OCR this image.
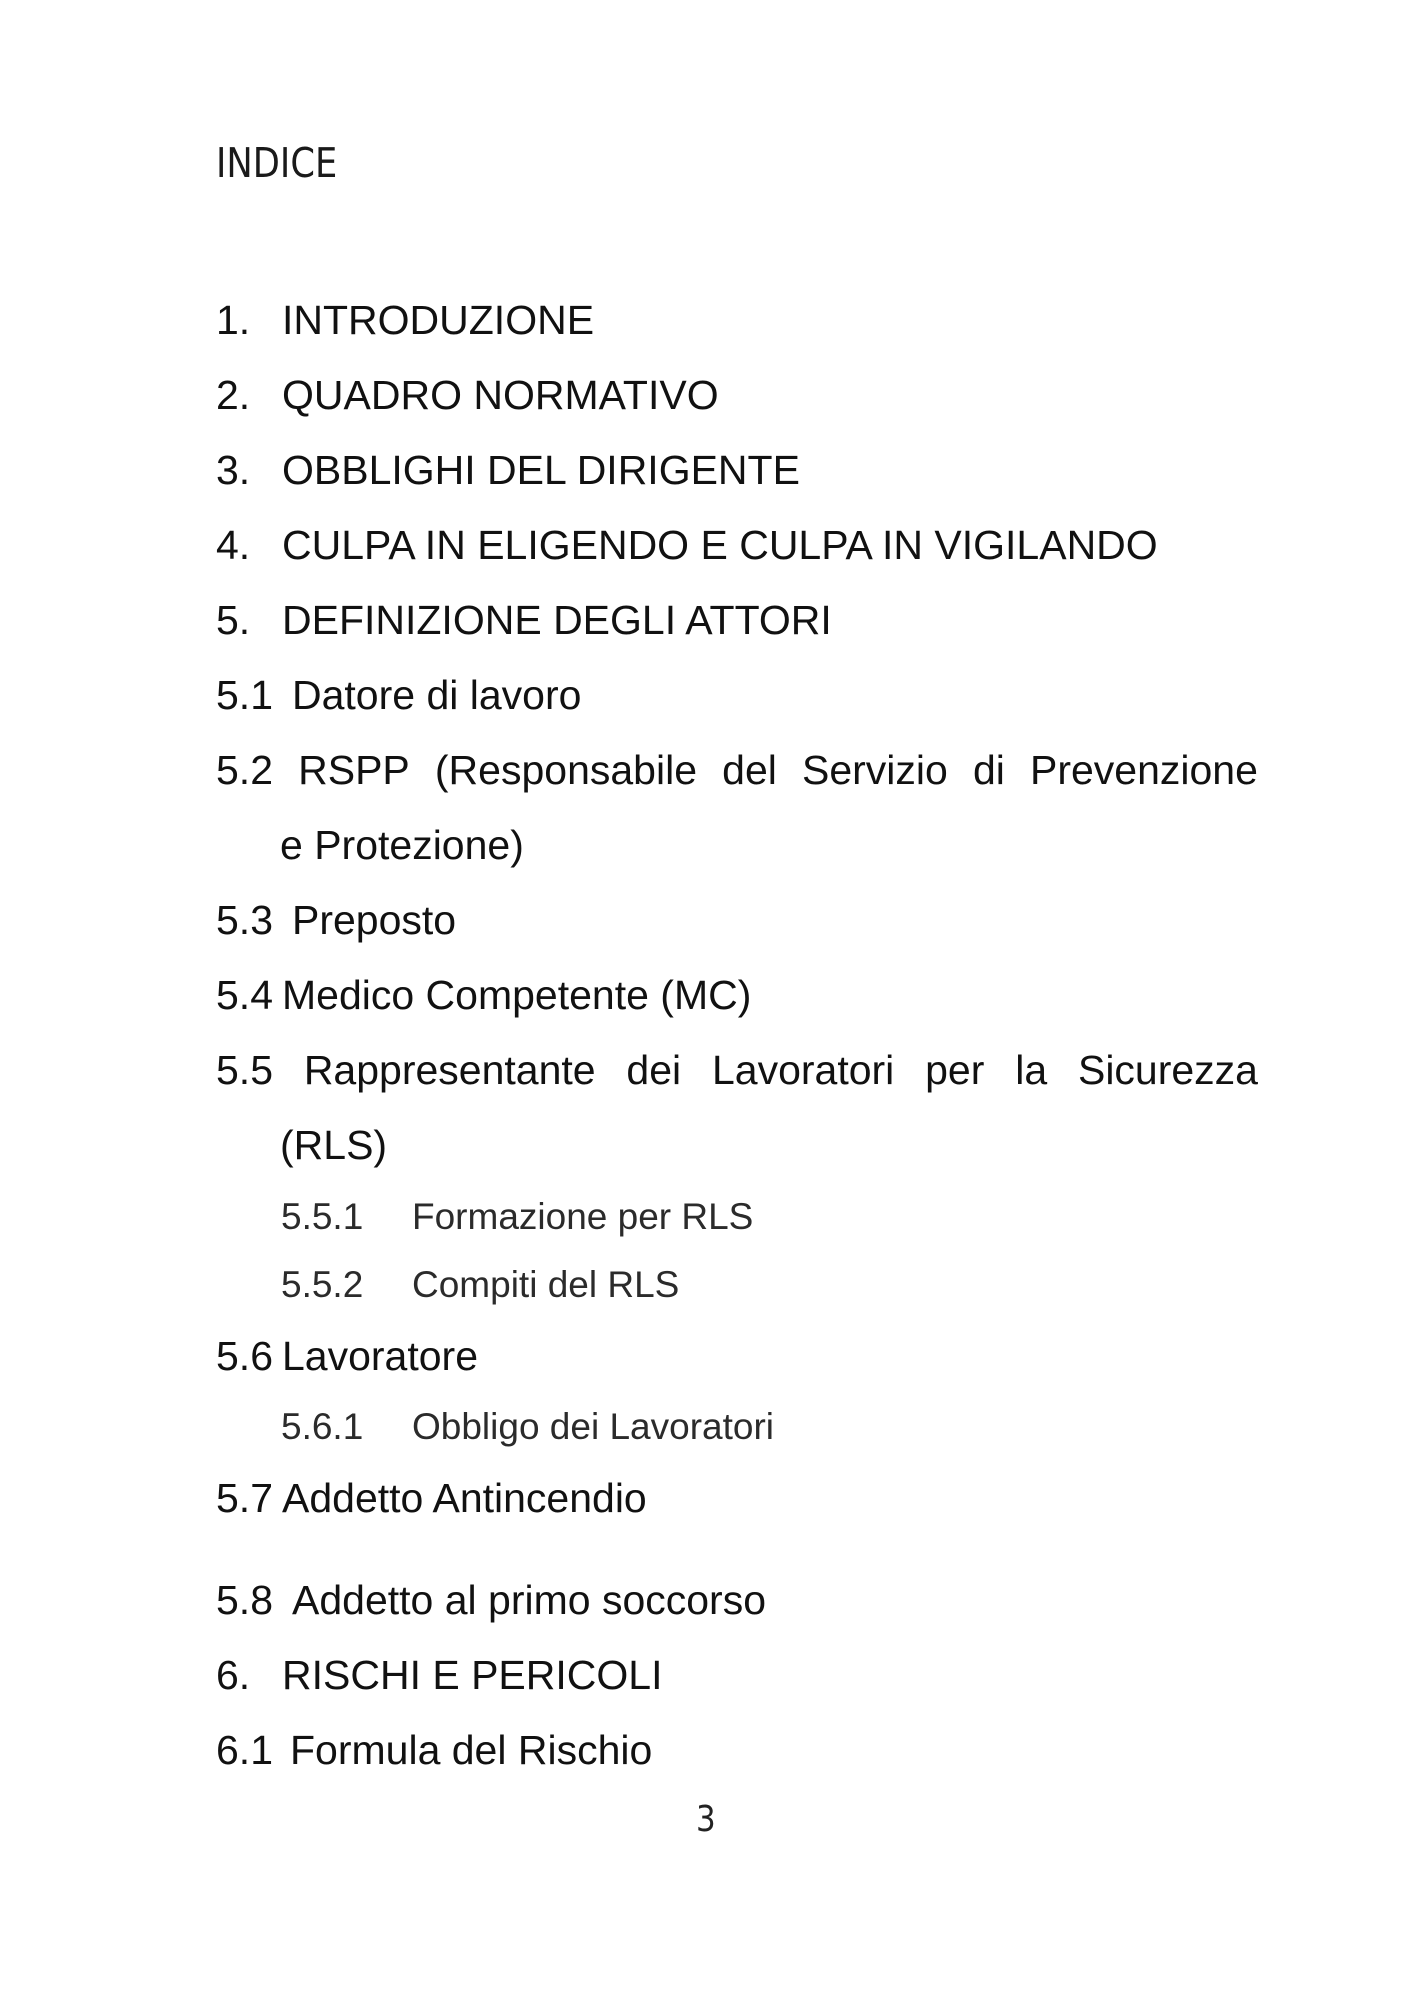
INDICE
1. INTRODUZIONE
2. QUADRO NORMATIVO
3. OBBLIGHI DEL DIRIGENTE
4. CULPA IN ELIGENDO E CULPA IN VIGILANDO
5. DEFINIZIONE DEGLI ATTORI
5.1 Datore di lavoro
5.2 RSPP (Responsabile del Servizio di Prevenzione
e Protezione)
5.3 Preposto
5.4 Medico Competente (MC)
5.5 Rappresentante dei Lavoratori per la Sicurezza
(RLS)
5.5.1 Formazione per RLS
5.5.2 Compiti del RLS
5.6 Lavoratore
5.6.1 Obbligo dei Lavoratori
5.7 Addetto Antincendio
5.8 Addetto al primo soccorso
6. RISCHI E PERICOLI
6.1 Formula del Rischio
3
